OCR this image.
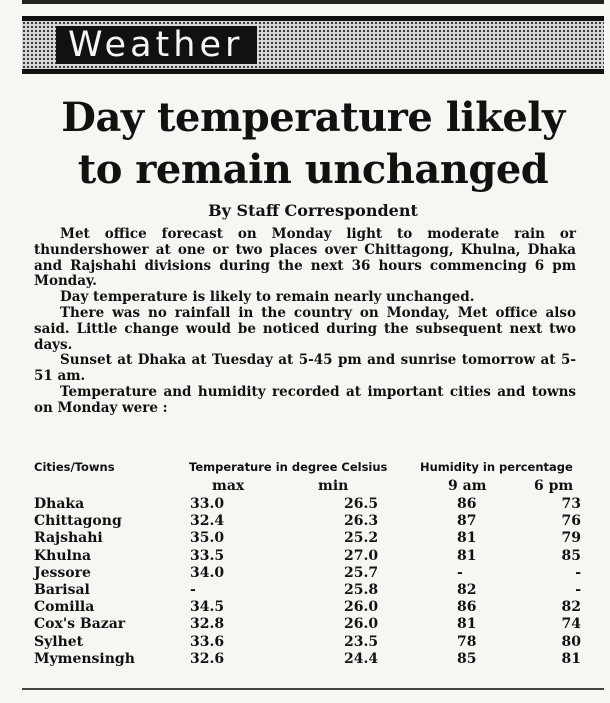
Weather
Day temperature likely
to remain unchanged
By Staff Correspondent

Met office forecast on Monday light to moderate rain or thundershower at one or two places over Chittagong, Khulna, Dhaka and Rajshahi divisions during the next 36 hours commencing 6 pm Monday.

Day temperature is likely to remain nearly unchanged.

There was no rainfall in the country on Monday, Met office also said. Little change would be noticed during the subsequent next two days.

Sunset at Dhaka at Tuesday at 5-45 pm and sunrise tomorrow at 5-51 am.

Temperature and humidity recorded at important cities and towns on Monday were :

Cities/Towns	Temperature in degree Celsius	Humidity in percentage
max	min	9 am	6 pm
Dhaka	33.0	26.5	86	73
Chittagong	32.4	26.3	87	76
Rajshahi	35.0	25.2	81	79
Khulna	33.5	27.0	81	85
Jessore	34.0	25.7	-	-
Barisal	-	25.8	82	-
Comilla	34.5	26.0	86	82
Cox's Bazar	32.8	26.0	81	74
Sylhet	33.6	23.5	78	80
Mymensingh	32.6	24.4	85	81
